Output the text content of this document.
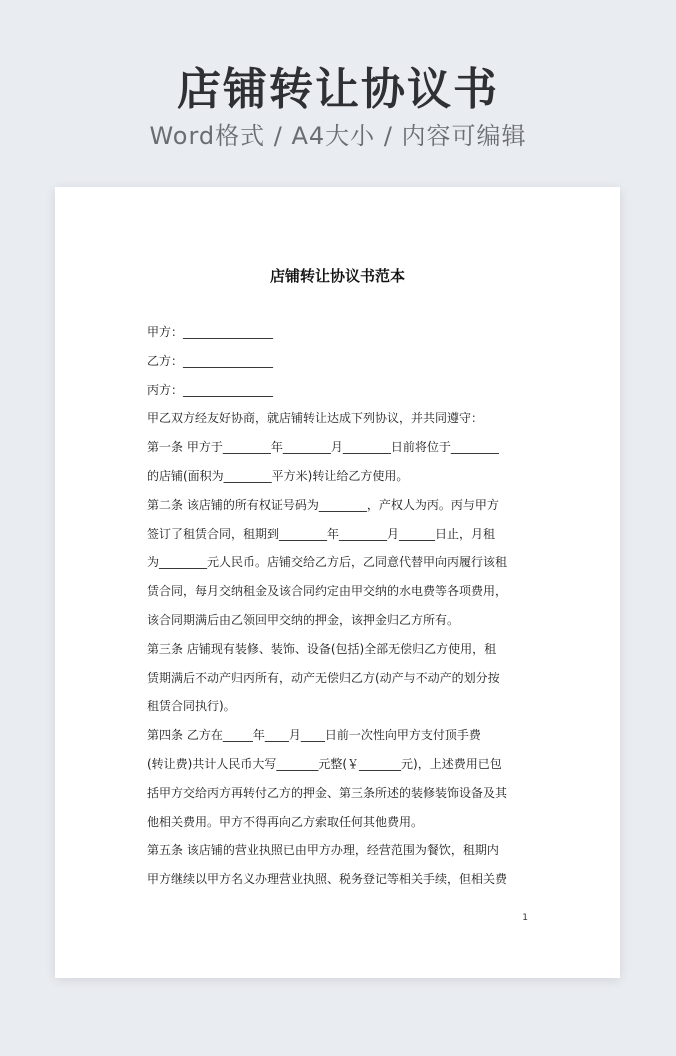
店铺转让协议书
Word格式 / A4大小 / 内容可编辑
店铺转让协议书范本
甲方：_______________
乙方：_______________
丙方：_______________
甲乙双方经友好协商，就店铺转让达成下列协议，并共同遵守：
第一条 甲方于________年________月________日前将位于________
的店铺(面积为________平方米)转让给乙方使用。
第二条 该店铺的所有权证号码为________，产权人为丙。丙与甲方
签订了租赁合同，租期到________年________月______日止，月租
为________元人民币。店铺交给乙方后，乙同意代替甲向丙履行该租
赁合同，每月交纳租金及该合同约定由甲交纳的水电费等各项费用，
该合同期满后由乙领回甲交纳的押金，该押金归乙方所有。
第三条 店铺现有装修、装饰、设备(包括)全部无偿归乙方使用，租
赁期满后不动产归丙所有，动产无偿归乙方(动产与不动产的划分按
租赁合同执行)。
第四条 乙方在_____年____月____日前一次性向甲方支付顶手费
(转让费)共计人民币大写_______元整(￥_______元)，上述费用已包
括甲方交给丙方再转付乙方的押金、第三条所述的装修装饰设备及其
他相关费用。甲方不得再向乙方索取任何其他费用。
第五条 该店铺的营业执照已由甲方办理，经营范围为餐饮，租期内
甲方继续以甲方名义办理营业执照、税务登记等相关手续，但相关费
1
